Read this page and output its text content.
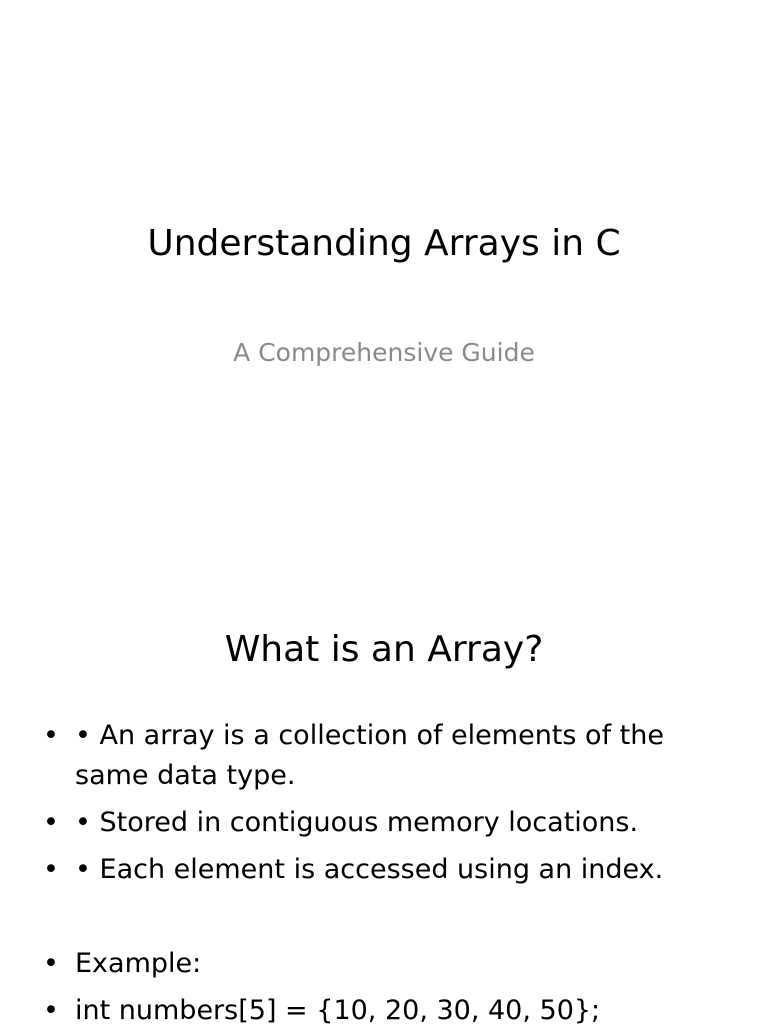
Understanding Arrays in C
A Comprehensive Guide
What is an Array?
• • An array is a collection of elements of the same data type.
• • Stored in contiguous memory locations.
• • Each element is accessed using an index.
• Example:
• int numbers[5] = {10, 20, 30, 40, 50};
